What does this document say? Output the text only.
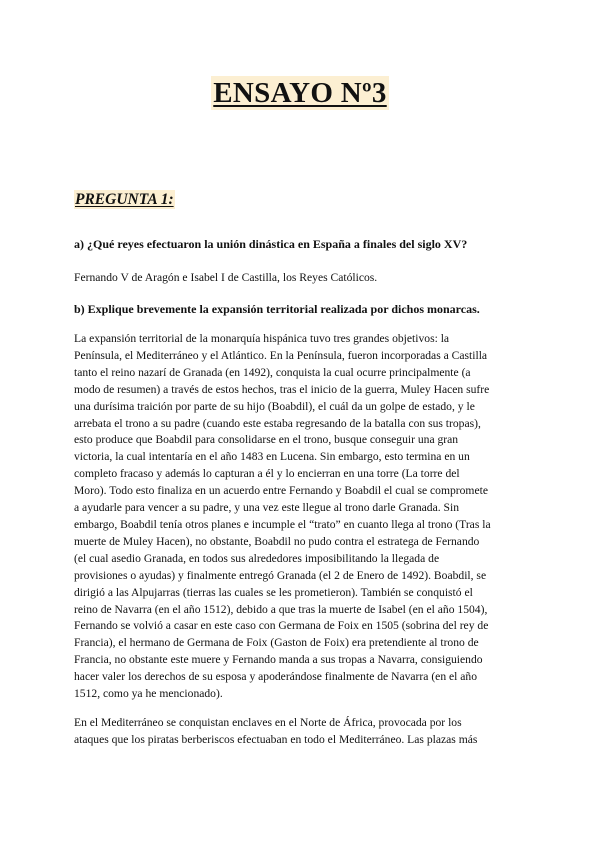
ENSAYO Nº3
PREGUNTA 1:
a) ¿Qué reyes efectuaron la unión dinástica en España a finales del siglo XV?
Fernando V de Aragón e Isabel I de Castilla, los Reyes Católicos.
b) Explique brevemente la expansión territorial realizada por dichos monarcas.
La expansión territorial de la monarquía hispánica tuvo tres grandes objetivos: la
Península, el Mediterráneo y el Atlántico. En la Península, fueron incorporadas a Castilla
tanto el reino nazarí de Granada (en 1492), conquista la cual ocurre principalmente (a
modo de resumen) a través de estos hechos, tras el inicio de la guerra, Muley Hacen sufre
una durísima traición por parte de su hijo (Boabdil), el cuál da un golpe de estado, y le
arrebata el trono a su padre (cuando este estaba regresando de la batalla con sus tropas),
esto produce que Boabdil para consolidarse en el trono, busque conseguir una gran
victoria, la cual intentaría en el año 1483 en Lucena. Sin embargo, esto termina en un
completo fracaso y además lo capturan a él y lo encierran en una torre (La torre del
Moro). Todo esto finaliza en un acuerdo entre Fernando y Boabdil el cual se compromete
a ayudarle para vencer a su padre, y una vez este llegue al trono darle Granada. Sin
embargo, Boabdil tenía otros planes e incumple el “trato” en cuanto llega al trono (Tras la
muerte de Muley Hacen), no obstante, Boabdil no pudo contra el estratega de Fernando
(el cual asedio Granada, en todos sus alrededores imposibilitando la llegada de
provisiones o ayudas) y finalmente entregó Granada (el 2 de Enero de 1492). Boabdil, se
dirigió a las Alpujarras (tierras las cuales se les prometieron). También se conquistó el
reino de Navarra (en el año 1512), debido a que tras la muerte de Isabel (en el año 1504),
Fernando se volvió a casar en este caso con Germana de Foix en 1505 (sobrina del rey de
Francia), el hermano de Germana de Foix (Gaston de Foix) era pretendiente al trono de
Francia, no obstante este muere y Fernando manda a sus tropas a Navarra, consiguiendo
hacer valer los derechos de su esposa y apoderándose finalmente de Navarra (en el año
1512, como ya he mencionado).
En el Mediterráneo se conquistan enclaves en el Norte de África, provocada por los
ataques que los piratas berberiscos efectuaban en todo el Mediterráneo. Las plazas más
